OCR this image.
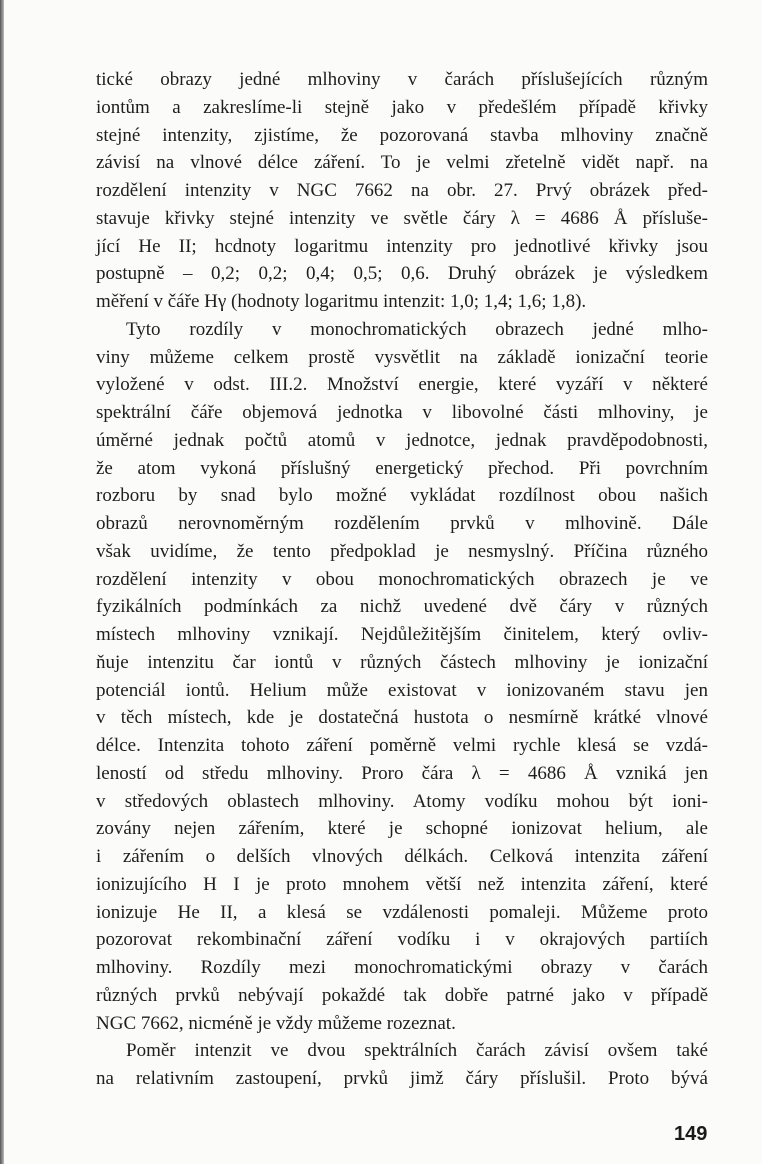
tické obrazy jedné mlhoviny v čarách příslušejících různým
iontům a zakreslíme-li stejně jako v předešlém případě křivky
stejné intenzity, zjistíme, že pozorovaná stavba mlhoviny značně
závisí na vlnové délce záření. To je velmi zřetelně vidět např. na
rozdělení intenzity v NGC 7662 na obr. 27. Prvý obrázek před-
stavuje křivky stejné intenzity ve světle čáry λ = 4686 Å přísluše-
jící He II; hcdnoty logaritmu intenzity pro jednotlivé křivky jsou
postupně – 0,2; 0,2; 0,4; 0,5; 0,6. Druhý obrázek je výsledkem
měření v čáře Hγ (hodnoty logaritmu intenzit: 1,0; 1,4; 1,6; 1,8).
Tyto rozdíly v monochromatických obrazech jedné mlho-
viny můžeme celkem prostě vysvětlit na základě ionizační teorie
vyložené v odst. III.2. Množství energie, které vyzáří v některé
spektrální čáře objemová jednotka v libovolné části mlhoviny, je
úměrné jednak počtů atomů v jednotce, jednak pravděpodobnosti,
že atom vykoná příslušný energetický přechod. Při povrchním
rozboru by snad bylo možné vykládat rozdílnost obou našich
obrazů nerovnoměrným rozdělením prvků v mlhovině. Dále
však uvidíme, že tento předpoklad je nesmyslný. Příčina různého
rozdělení intenzity v obou monochromatických obrazech je ve
fyzikálních podmínkách za nichž uvedené dvě čáry v různých
místech mlhoviny vznikají. Nejdůležitějším činitelem, který ovliv-
ňuje intenzitu čar iontů v různých částech mlhoviny je ionizační
potenciál iontů. Helium může existovat v ionizovaném stavu jen
v těch místech, kde je dostatečná hustota o nesmírně krátké vlnové
délce. Intenzita tohoto záření poměrně velmi rychle klesá se vzdá-
leností od středu mlhoviny. Proro čára λ = 4686 Å vzniká jen
v středových oblastech mlhoviny. Atomy vodíku mohou být ioni-
zovány nejen zářením, které je schopné ionizovat helium, ale
i zářením o delších vlnových délkách. Celková intenzita záření
ionizujícího H I je proto mnohem větší než intenzita záření, které
ionizuje He II, a klesá se vzdálenosti pomaleji. Můžeme proto
pozorovat rekombinační záření vodíku i v okrajových partiích
mlhoviny. Rozdíly mezi monochromatickými obrazy v čarách
různých prvků nebývají pokaždé tak dobře patrné jako v případě
NGC 7662, nicméně je vždy můžeme rozeznat.
Poměr intenzit ve dvou spektrálních čarách závisí ovšem také
na relativním zastoupení, prvků jimž čáry příslušil. Proto bývá
149
